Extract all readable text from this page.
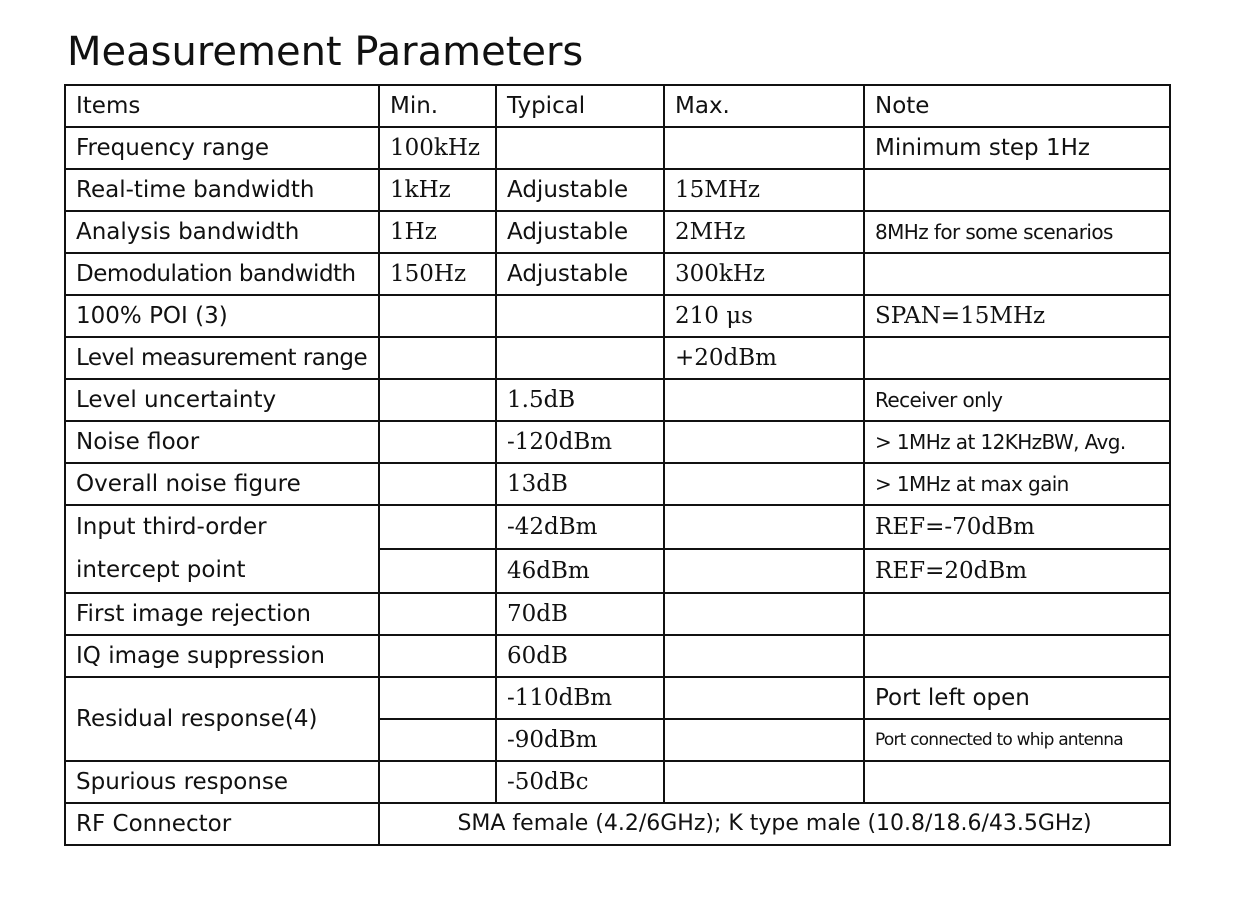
Measurement Parameters
Items	Min.	Typical	Max.	Note
Frequency range	100kHz			Minimum step 1Hz
Real-time bandwidth	1kHz	Adjustable	15MHz	
Analysis bandwidth	1Hz	Adjustable	2MHz	8MHz for some scenarios
Demodulation bandwidth	150Hz	Adjustable	300kHz	
100% POI (3)			210 μs	SPAN=15MHz
Level measurement range			+20dBm	
Level uncertainty		1.5dB		Receiver only
Noise floor		-120dBm		> 1MHz at 12KHzBW, Avg.
Overall noise figure		13dB		> 1MHz at max gain
Input third-order
intercept point		-42dBm		REF=-70dBm
		46dBm		REF=20dBm
First image rejection		70dB		
IQ image suppression		60dB		
Residual response(4)		-110dBm		Port left open
		-90dBm		Port connected to whip antenna
Spurious response		-50dBc		
RF Connector	SMA female (4.2/6GHz); K type male (10.8/18.6/43.5GHz)			
